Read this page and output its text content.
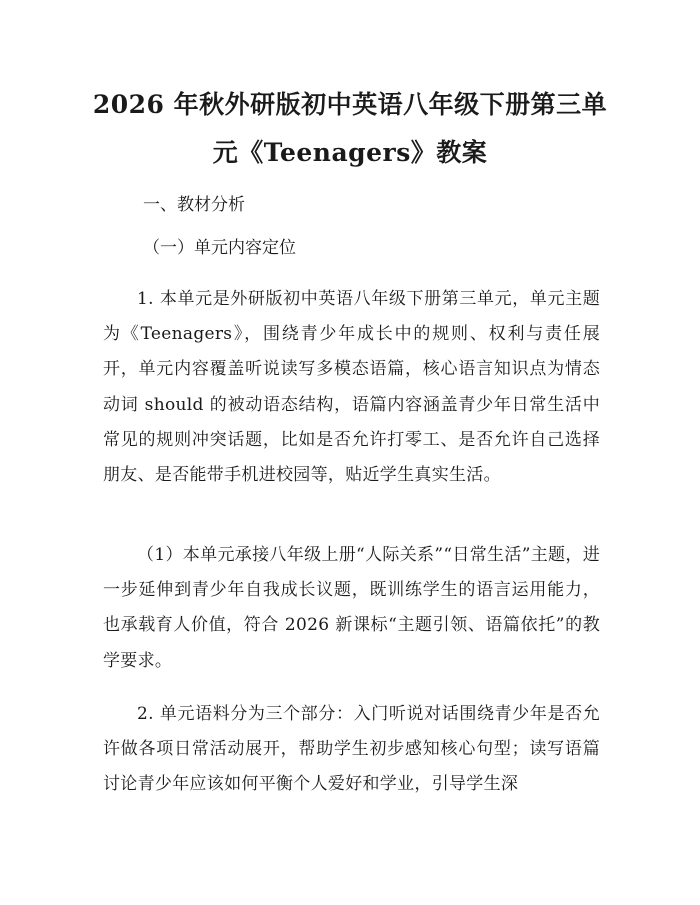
2026 年秋外研版初中英语八年级下册第三单
元《Teenagers》教案
一、教材分析
（一）单元内容定位
1. 本单元是外研版初中英语八年级下册第三单元，单元主题为《Teenagers》，围绕青少年成长中的规则、权利与责任展开，单元内容覆盖听说读写多模态语篇，核心语言知识点为情态动词 should 的被动语态结构，语篇内容涵盖青少年日常生活中常见的规则冲突话题，比如是否允许打零工、是否允许自己选择朋友、是否能带手机进校园等，贴近学生真实生活。
（1）本单元承接八年级上册“人际关系”“日常生活”主题，进一步延伸到青少年自我成长议题，既训练学生的语言运用能力，也承载育人价值，符合 2026 新课标“主题引领、语篇依托”的教学要求。
2. 单元语料分为三个部分：入门听说对话围绕青少年是否允许做各项日常活动展开，帮助学生初步感知核心句型；读写语篇讨论青少年应该如何平衡个人爱好和学业，引导学生深
